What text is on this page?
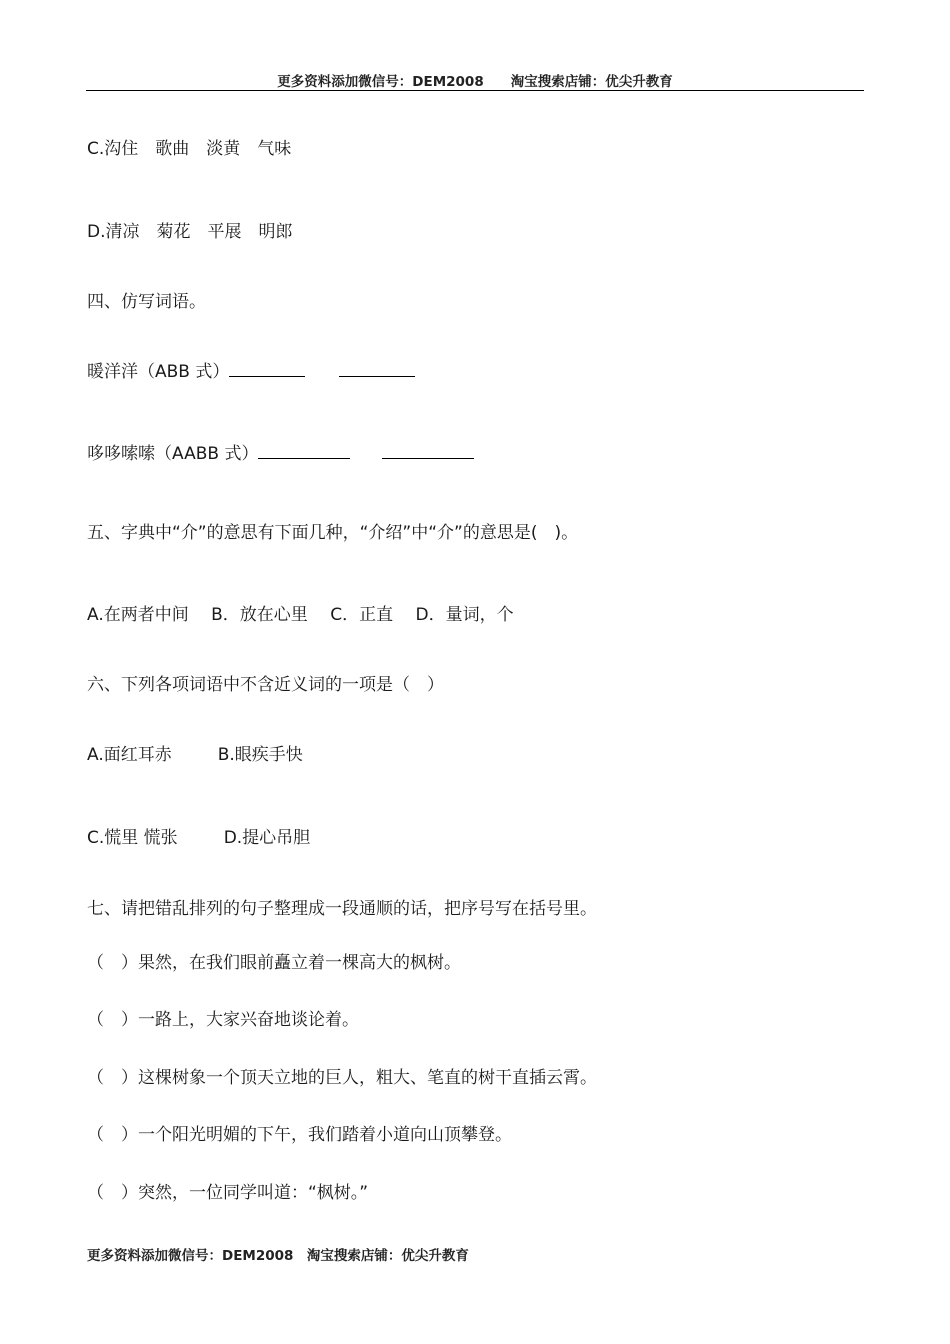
更多资料添加微信号：DEM2008　　淘宝搜索店铺：优尖升教育
C.沟住　歌曲　淡黄　气味
D.清凉　菊花　平展　明郎
四、仿写词语。
暖洋洋（ABB 式）
哆哆嗦嗦（AABB 式）
五、字典中“介”的意思有下面几种，“介绍”中“介”的意思是(　)。
A.在两者中间　 B．放在心里　 C．正直　 D．量词，个
六、下列各项词语中不含近义词的一项是（　）
A.面红耳赤	B.眼疾手快
C.慌里 慌张	D.提心吊胆
七、请把错乱排列的句子整理成一段通顺的话，把序号写在括号里。
（　）果然，在我们眼前矗立着一棵高大的枫树。
（　）一路上，大家兴奋地谈论着。
（　）这棵树象一个顶天立地的巨人，粗大、笔直的树干直插云霄。
（　）一个阳光明媚的下午，我们踏着小道向山顶攀登。
（　）突然，一位同学叫道：“枫树。”
更多资料添加微信号：DEM2008　淘宝搜索店铺：优尖升教育
